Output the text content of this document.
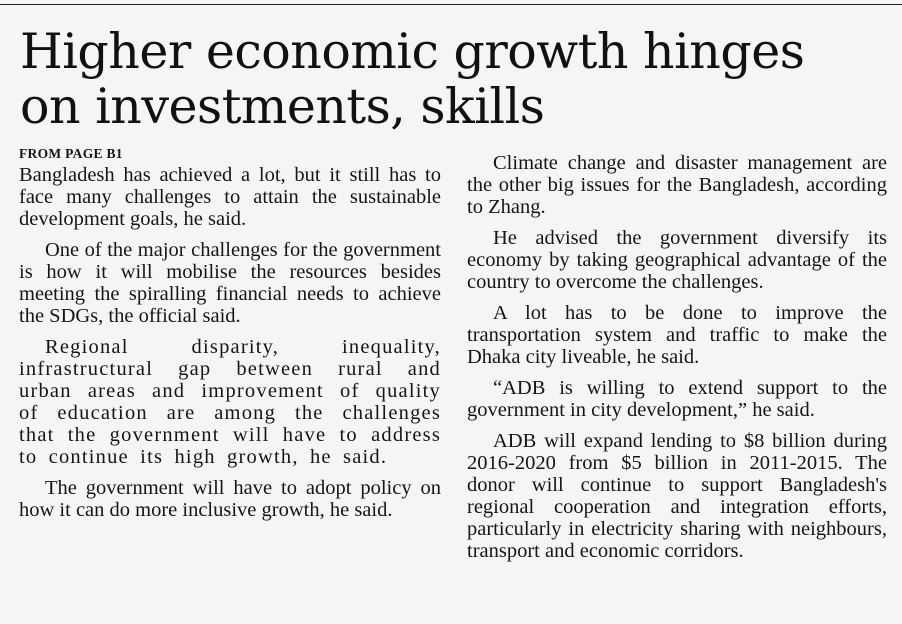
Higher economic growth hinges
on investments, skills
FROM PAGE B1

Bangladesh has achieved a lot, but it still has to face many challenges to attain the sustainable development goals, he said.

One of the major challenges for the government is how it will mobilise the resources besides meeting the spiralling financial needs to achieve the SDGs, the official said.

Regional disparity, inequality, infrastructural gap between rural and urban areas and improvement of quality of education are among the challenges that the government will have to address to continue its high growth, he said.

The government will have to adopt policy on how it can do more inclusive growth, he said.

Climate change and disaster management are the other big issues for the Bangladesh, according to Zhang.

He advised the government diversify its economy by taking geographical advantage of the country to overcome the challenges.

A lot has to be done to improve the transportation system and traffic to make the Dhaka city liveable, he said.

“ADB is willing to extend support to the government in city development,” he said.

ADB will expand lending to $8 billion during 2016-2020 from $5 billion in 2011-2015. The donor will continue to support Bangladesh's regional cooperation and integration efforts, particularly in electricity sharing with neighbours, transport and economic corridors.
